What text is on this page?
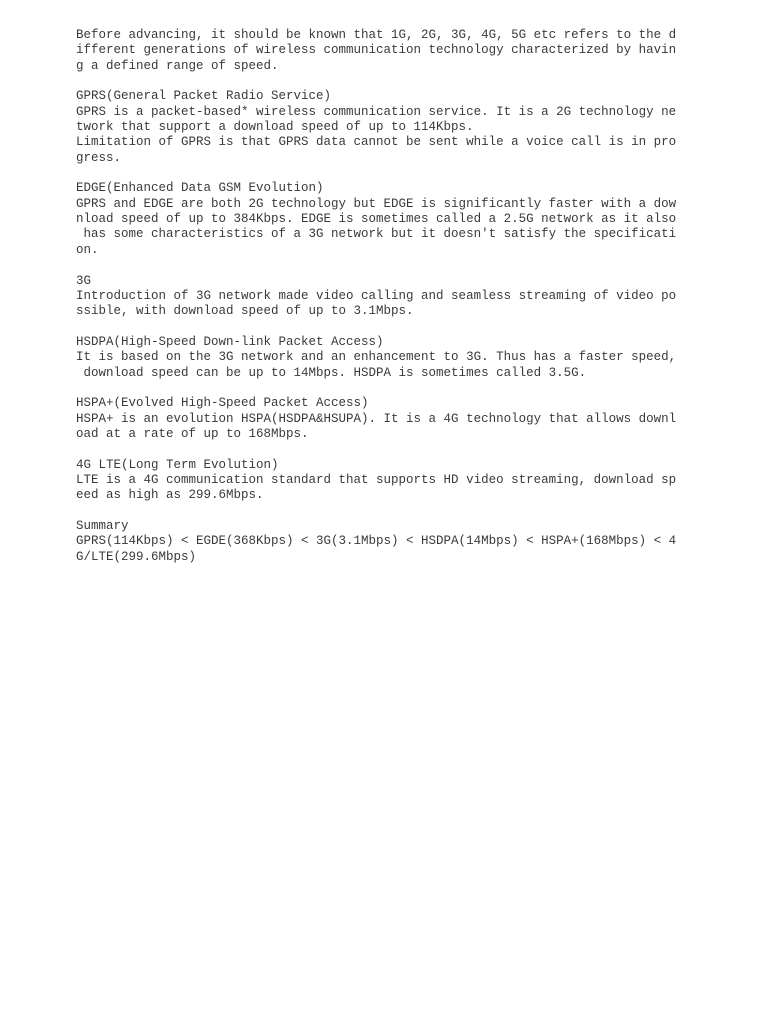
Before advancing, it should be known that 1G, 2G, 3G, 4G, 5G etc refers to the d
ifferent generations of wireless communication technology characterized by havin
g a defined range of speed.

GPRS(General Packet Radio Service)
GPRS is a packet-based* wireless communication service. It is a 2G technology ne
twork that support a download speed of up to 114Kbps.
Limitation of GPRS is that GPRS data cannot be sent while a voice call is in pro
gress.

EDGE(Enhanced Data GSM Evolution)
GPRS and EDGE are both 2G technology but EDGE is significantly faster with a dow
nload speed of up to 384Kbps. EDGE is sometimes called a 2.5G network as it also
has some characteristics of a 3G network but it doesn't satisfy the specificati
on.

3G
Introduction of 3G network made video calling and seamless streaming of video po
ssible, with download speed of up to 3.1Mbps.

HSDPA(High-Speed Down-link Packet Access)
It is based on the 3G network and an enhancement to 3G. Thus has a faster speed,
download speed can be up to 14Mbps. HSDPA is sometimes called 3.5G.

HSPA+(Evolved High-Speed Packet Access)
HSPA+ is an evolution HSPA(HSDPA&HSUPA). It is a 4G technology that allows downl
oad at a rate of up to 168Mbps.

4G LTE(Long Term Evolution)
LTE is a 4G communication standard that supports HD video streaming, download sp
eed as high as 299.6Mbps.

Summary
GPRS(114Kbps) < EGDE(368Kbps) < 3G(3.1Mbps) < HSDPA(14Mbps) < HSPA+(168Mbps) < 4
G/LTE(299.6Mbps)
